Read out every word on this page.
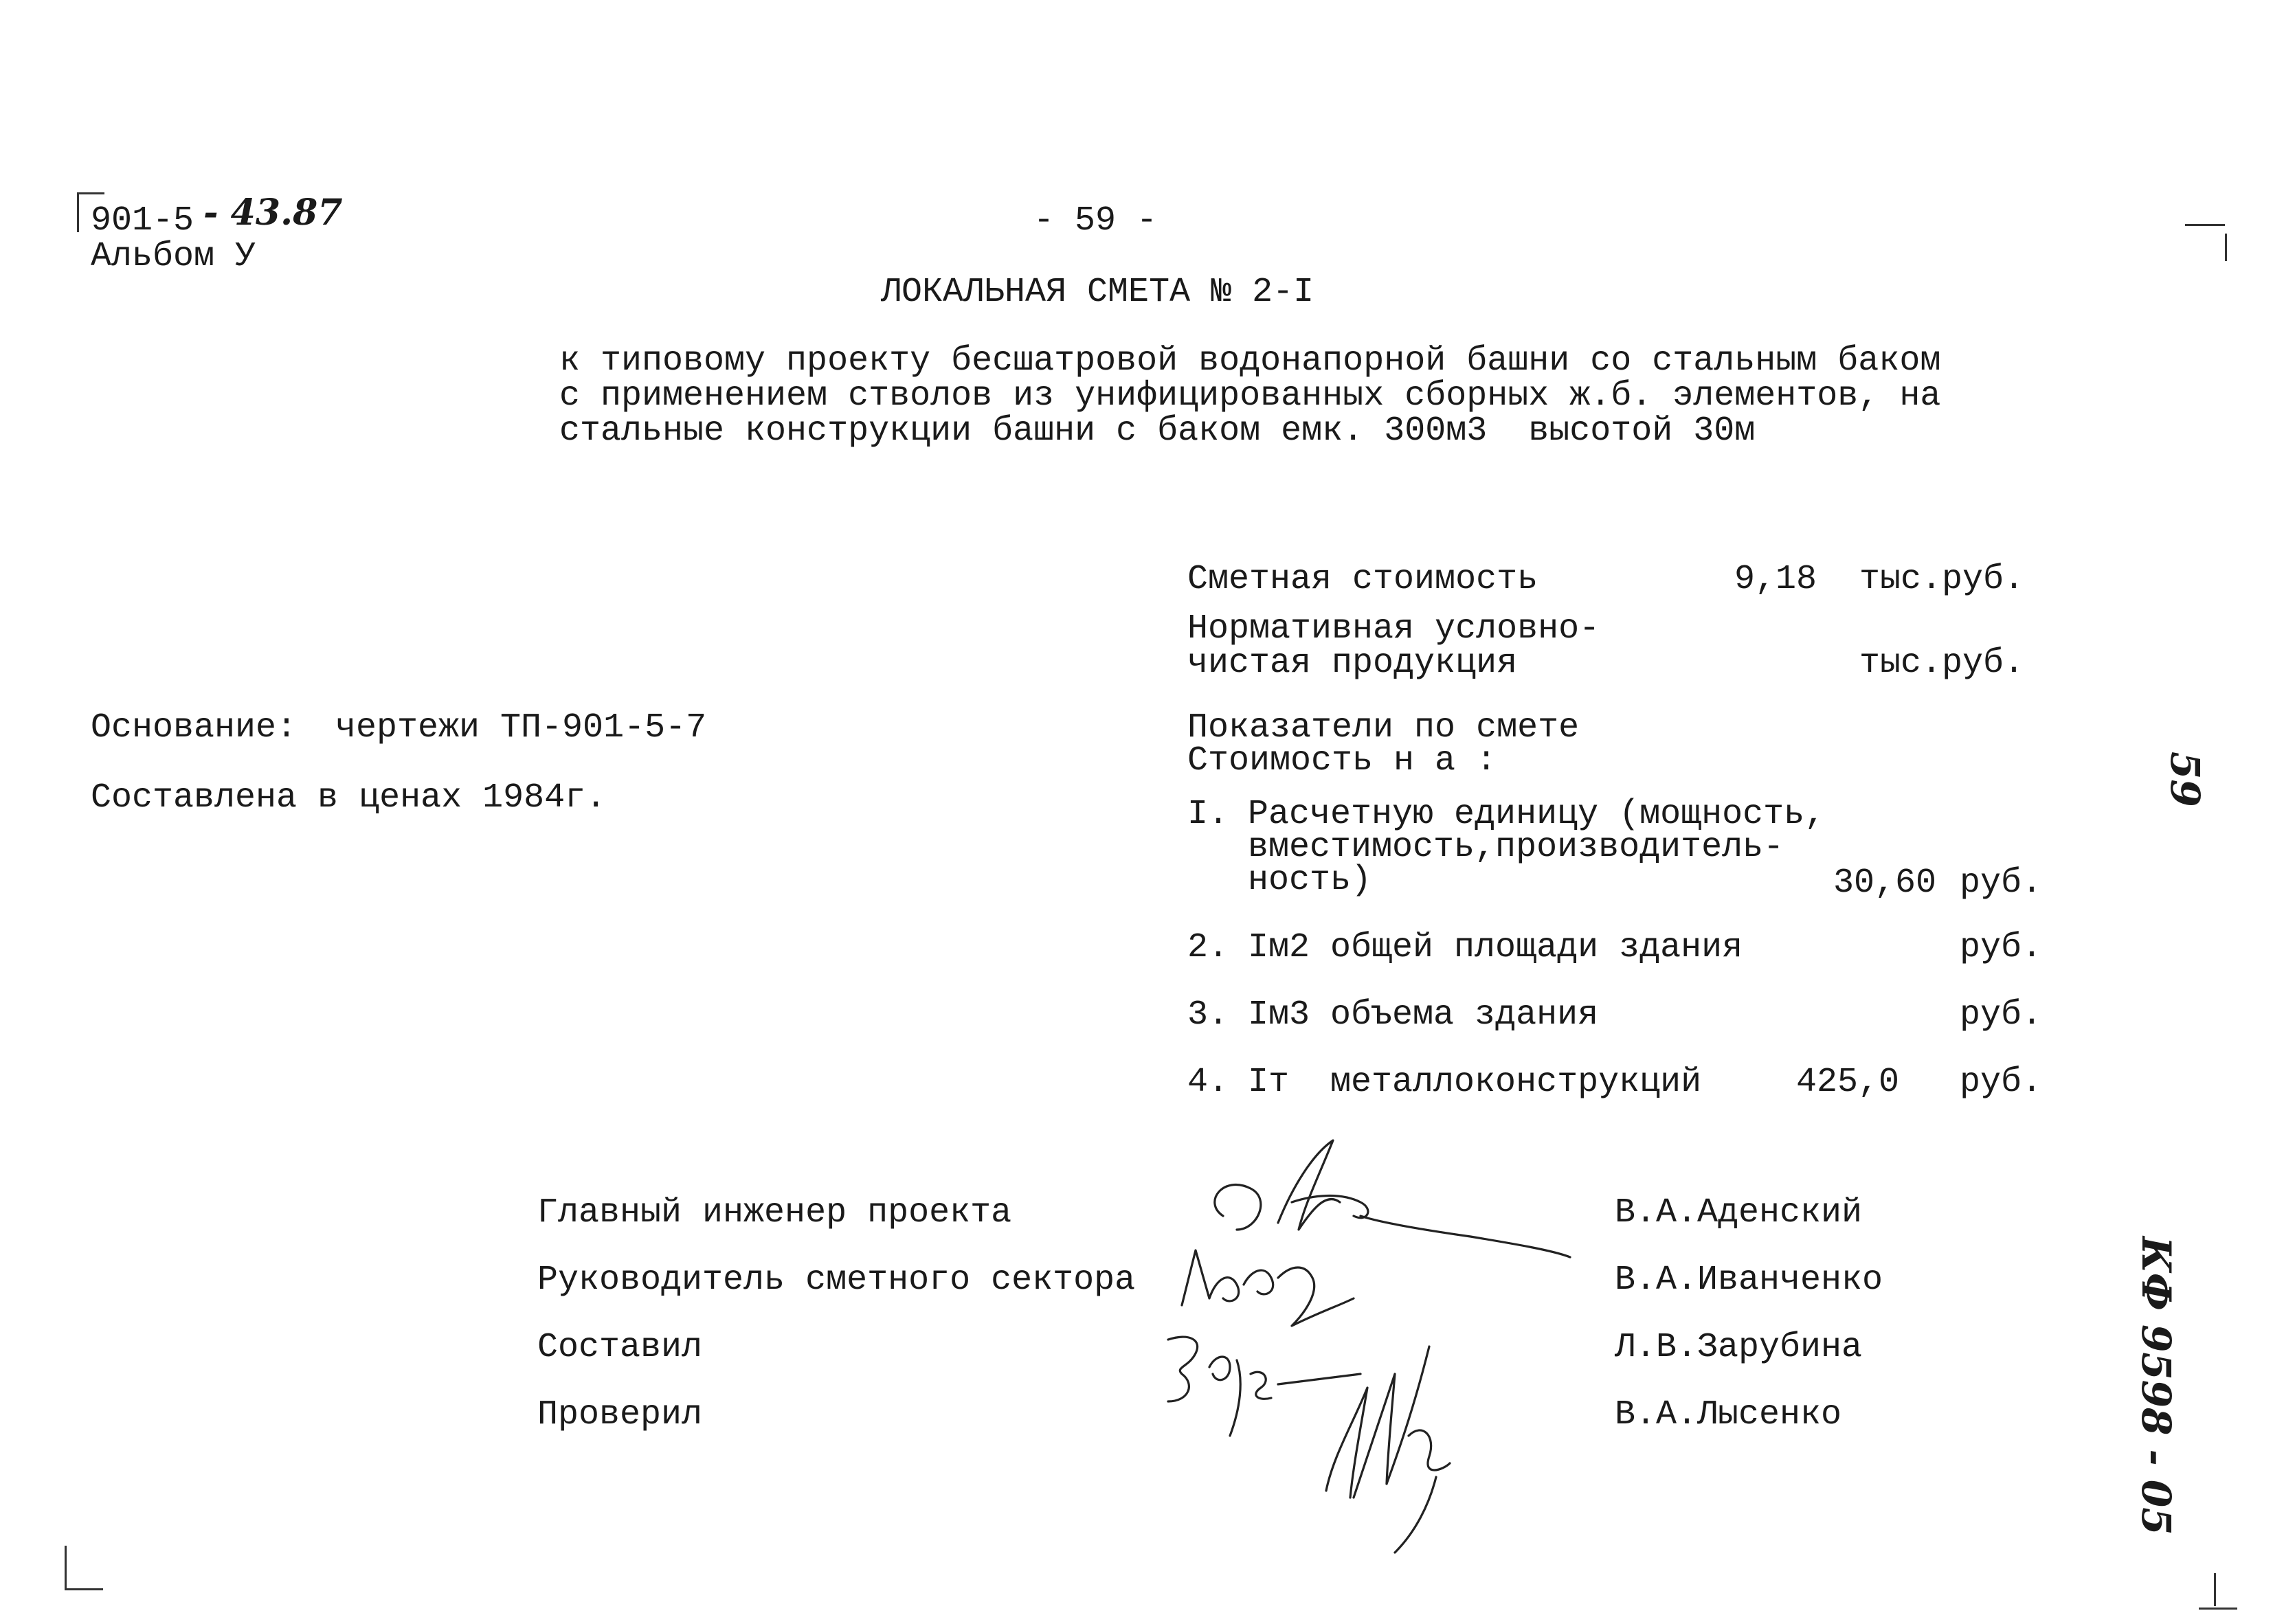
901-5 - 43.87
Альбом У
- 59 -
ЛОКАЛЬНАЯ СМЕТА № 2-I
к типовому проекту бесшатровой водонапорной башни со стальным баком
с применением стволов из унифицированных сборных ж.б. элементов, на
стальные конструкции башни с баком емк. 300м3  высотой 30м
Сметная стоимость	9,18 тыс.руб.
Нормативная условно-
чистая продукция	тыс.руб.
Основание: чертежи ТП-901-5-7
Составлена в ценах 1984г.
Показатели по смете
Стоимость н а :
I. Расчетную единицу (мощность,
вместимость,производитель-
ность)	30,60 руб.
2. Iм2 общей площади здания	руб.
3. Iм3 объема здания	руб.
4. Iт  металлоконструкций	425,0 руб.
Главный инженер проекта	В.А.Аденский
Руководитель сметного сектора	В.А.Иванченко
Составил	Л.В.Зарубина
Проверил	В.А.Лысенко
59
КФ 9598 - 05
